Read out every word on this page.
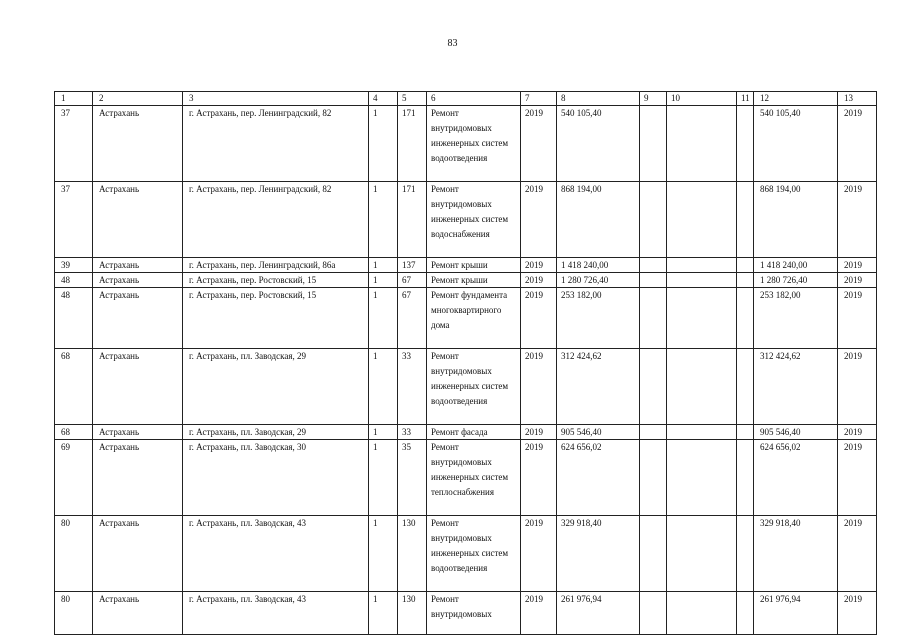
83
1	2	3	4	5	6	7	8	9	10	11	12	13
37	Астрахань	г. Астрахань, пер. Ленинградский, 82	1	171	Ремонт внутридомовых инженерных систем водоотведения	2019	540 105,40				540 105,40	2019
37	Астрахань	г. Астрахань, пер. Ленинградский, 82	1	171	Ремонт внутридомовых инженерных систем водоснабжения	2019	868 194,00				868 194,00	2019
39	Астрахань	г. Астрахань, пер. Ленинградский, 86а	1	137	Ремонт крыши	2019	1 418 240,00				1 418 240,00	2019
48	Астрахань	г. Астрахань, пер. Ростовский, 15	1	67	Ремонт крыши	2019	1 280 726,40				1 280 726,40	2019
48	Астрахань	г. Астрахань, пер. Ростовский, 15	1	67	Ремонт фундамента многоквартирного дома	2019	253 182,00				253 182,00	2019
68	Астрахань	г. Астрахань, пл. Заводская, 29	1	33	Ремонт внутридомовых инженерных систем водоотведения	2019	312 424,62				312 424,62	2019
68	Астрахань	г. Астрахань, пл. Заводская, 29	1	33	Ремонт фасада	2019	905 546,40				905 546,40	2019
69	Астрахань	г. Астрахань, пл. Заводская, 30	1	35	Ремонт внутридомовых инженерных систем теплоснабжения	2019	624 656,02				624 656,02	2019
80	Астрахань	г. Астрахань, пл. Заводская, 43	1	130	Ремонт внутридомовых инженерных систем водоотведения	2019	329 918,40				329 918,40	2019
80	Астрахань	г. Астрахань, пл. Заводская, 43	1	130	Ремонт внутридомовых	2019	261 976,94				261 976,94	2019
